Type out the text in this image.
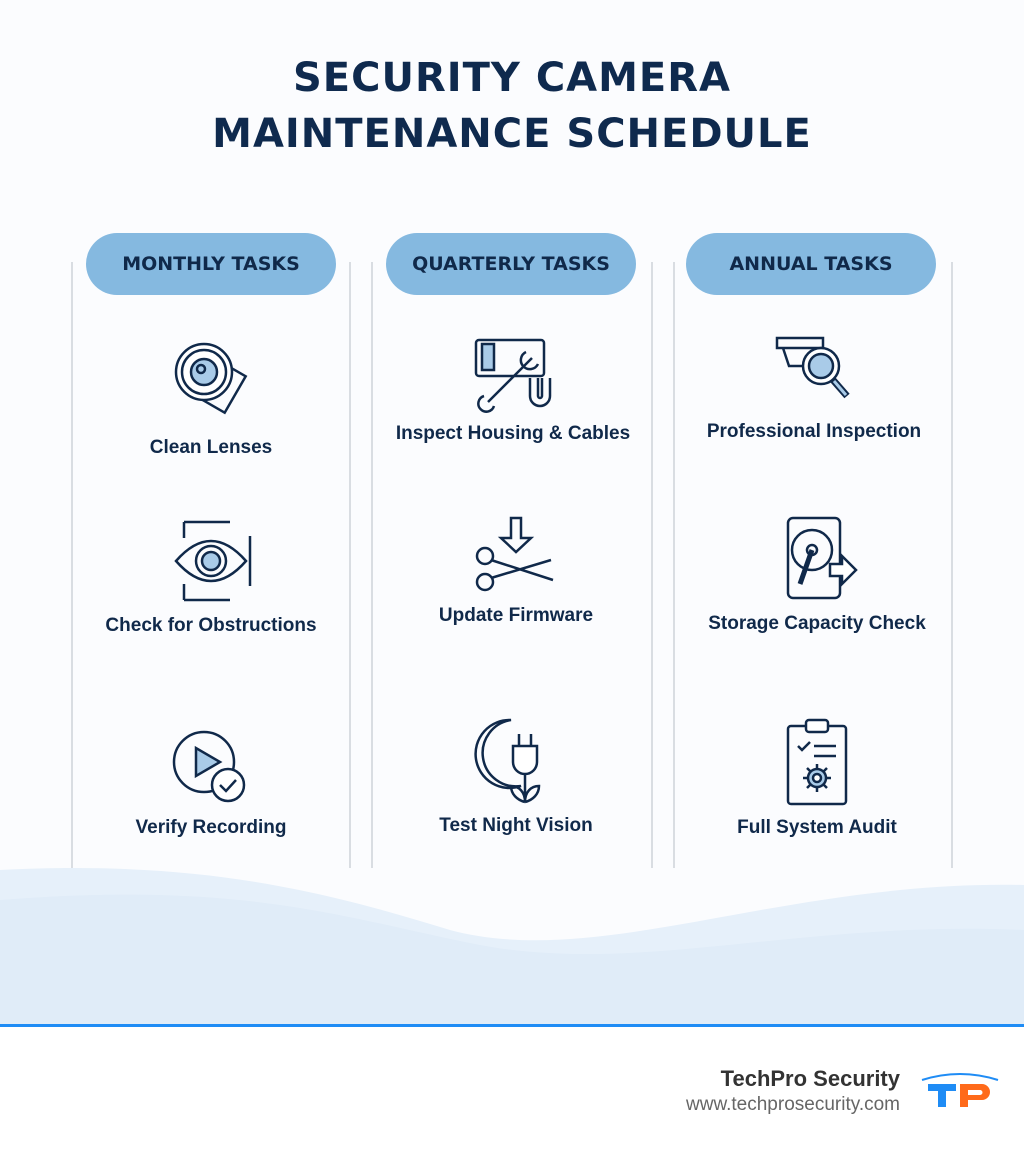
SECURITY CAMERA
MAINTENANCE SCHEDULE
MONTHLY TASKS	QUARTERLY TASKS	ANNUAL TASKS
Clean Lenses
Check for Obstructions
Verify Recording
Inspect Housing & Cables
Update Firmware
Test Night Vision
Professional Inspection
Storage Capacity Check
Full System Audit
TechPro Security
www.techprosecurity.com
